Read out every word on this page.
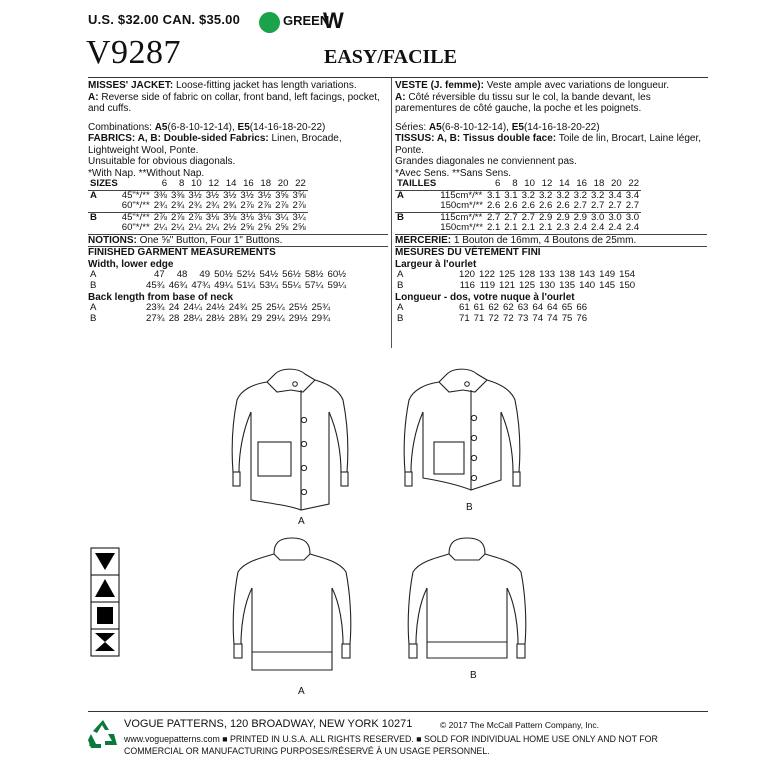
U.S. $32.00 CAN. $35.00	GREEN
W
V9287	EASY/FACILE

MISSES' JACKET: Loose-fitting jacket has length variations.

A: Reverse side of fabric on collar, front band, left facings, pocket, and cuffs.

Combinations: A5(6-8-10-12-14), E5(14-16-18-20-22)

FABRICS: A, B: Double-sided Fabrics: Linen, Brocade, Lightweight Wool, Ponte.

Unsuitable for obvious diagonals.

*With Nap. **Without Nap.

SIZES		6	8	10	12	14	16	18	20	22
A	45"*/**	3⅜	3⅜	3½	3½	3½	3½	3½	3⅝	3⅝
	60"*/**	2¾	2¾	2¾	2¾	2¾	2⅞	2⅞	2⅞	2⅞
B	45"*/**	2⅞	2⅞	2⅞	3⅛	3⅛	3⅛	3⅛	3¼	3¼
	60"*/**	2¼	2¼	2¼	2¼	2½	2⅝	2⅝	2⅝	2⅝

NOTIONS: One ⅝" Button, Four 1" Buttons.

FINISHED GARMENT MEASUREMENTS

Width, lower edge

A	47	48	49	50½	52½	54½	56½	58½	60½
B	45¾	46¾	47¾	49¼	51¼	53¼	55¼	57¼	59¼

Back length from base of neck

A	23¾	24	24¼	24½	24¾	25	25¼	25½	25¾
B	27¾	28	28¼	28½	28¾	29	29¼	29½	29¾

VESTE (J. femme): Veste ample avec variations de longueur.

A: Côté réversible du tissu sur le col, la bande devant, les parementures de côté gauche, la poche et les poignets.

Séries: A5(6-8-10-12-14), E5(14-16-18-20-22)

TISSUS: A, B: Tissus double face: Toile de lin, Brocart, Laine léger, Ponte.

Grandes diagonales ne conviennent pas.

*Avec Sens. **Sans Sens.

TAILLES		6	8	10	12	14	16	18	20	22
A	115cm*/**	3.1	3.1	3.2	3.2	3.2	3.2	3.2	3.4	3.4
	150cm*/**	2.6	2.6	2.6	2.6	2.6	2.7	2.7	2.7	2.7
B	115cm*/**	2.7	2.7	2.7	2.9	2.9	2.9	3.0	3.0	3.0
	150cm*/**	2.1	2.1	2.1	2.1	2.3	2.4	2.4	2.4	2.4

MERCERIE: 1 Bouton de 16mm, 4 Boutons de 25mm.

MESURES DU VÊTEMENT FINI

Largeur à l'ourlet

A	120	122	125	128	133	138	143	149	154
B	116	119	121	125	130	135	140	145	150

Longueur - dos, votre nuque à l'ourlet

A	61	61	62	62	63	64	64	65	66
B	71	71	72	72	73	74	74	75	76
A
B
A
B
VOGUE PATTERNS, 120 BROADWAY, NEW YORK 10271	© 2017 The McCall Pattern Company, Inc.
www.voguepatterns.com ■ PRINTED IN U.S.A. ALL RIGHTS RESERVED. ■ SOLD FOR INDIVIDUAL HOME USE ONLY AND NOT FOR
COMMERCIAL OR MANUFACTURING PURPOSES/RÉSERVÉ À UN USAGE PERSONNEL.
